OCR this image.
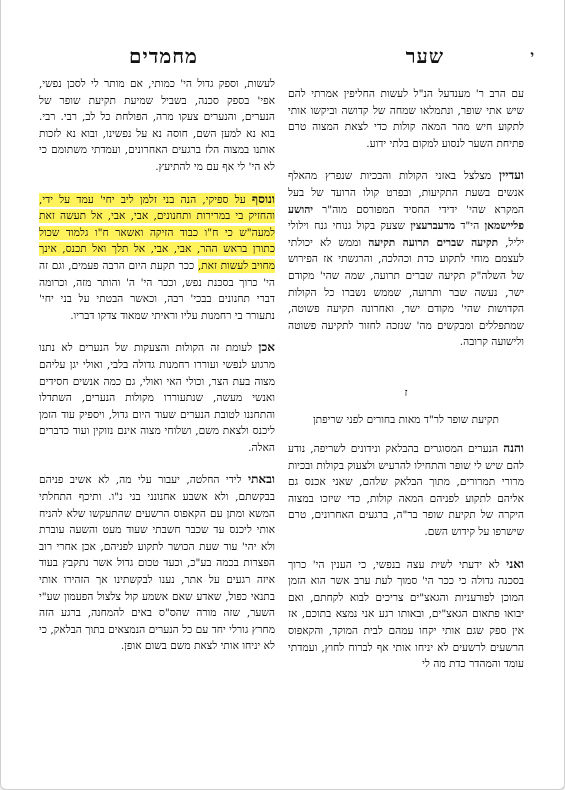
שער
מחמדים	י

עם הרב ר' מענדעל הנ"ל לעשות החליפין אמרתי להם שיש אתי שופר, ונתמלאו שמחה של קדושה וביקשו אותי לתקוע חיש מהר המאה קולות כדי לצאת המצוה טרם פתיחת השער לנסוע למקום בלתי ידוע.

ועדיין מצלצל באזני הקולות והבכיות שנפרץ מהאלף אנשים בשעת התקיעות, ובפרט קולו הרועד של בעל המקרא שהי' ידידי החסיד המפורסם מוה"ר יהושע פליישמאן הי"ד מדעברעצין שצעק בקול גנוחי גנח וילולי יליל, תקיעה שברים תרועה תקיעה וממש לא יכולתי לעצמם מוחי לתקוע כדת וכהלכה, והרגשתי אז הפירוש של השלה"ק תקיעה שברים תרועה, שמה שהי' מקודם ישר, נעשה שבר ותרועה, שממש נשברו כל הקולות הקדושות שהי' מקודם ישר, ואחרונה תקיעה פשוטה, שמתפללים ומבקשים מה' שנזכה לחזור לתקיעה פשוטה ולישועה קרובה.

ז
תקיעת שופר לר"ד מאות בחורים לפני שריפתן

והנה הנערים המסוגרים בהבלאק ונידונים לשריפה, נודע להם שיש לי שופר והתחילו להרעיש ולצעוק בקולות ובכיות מרורי תמרורים, מתוך הבלאק שלהם, שאני אכנס גם אליהם לתקוע לפניהם המאה קולות, כדי שיזכו במצוה היקרה של תקיעת שופר בר"ה, ברגעים האחרונים, טרם שישרפו על קידוש השם.

ואני לא ידעתי לשית עצה בנפשי, כי הענין הי' כרוך בסכנה גדולה כי ככר הי' סמוך לעת ערב אשר הוא הזמן המוכן לפורעניות והגאצ"ים צריכים לבוא לקחתם, ואם יבואו פתאום הגאצ"ים, ובאותו רגע אני נמצא בתוכם, אז אין ספק שגם אותי יקחו עמהם לבית המוקד, והקאפוס הרשעים לרשעים לא יניחו אותי אף לברוח לחוץ, ועמדתי עומד והמהדר כדת מה לי

לעשות, וספק גדול הי' כמותי, אם מותר לי לסכן נפשי, אפי' בספק סכנה, בשביל שמיעת תקיעת שופר של הנערים, והנערים צעקו מרה, הפולחת כל לב, רבי. רבי. בוא נא למען השם, חוסה נא על נפשינו, ובוא נא לזכות אותנו במצוה הלז ברגעים האחרונים, ועמדתי משתומם כי לא הי' לי אף עם מי להתיעץ.

ונוסף על ספיקי, הנה בני זלמן ליב יחי' עמד על ידי, והחזיק בי במרירות ותחנונים, אבי, אבי, אל תעשה זאת למעה"ש כי ח"ו כבוד הזיקה ואשאר ח"ו גלמוד שכול כתורן בראש ההר, אבי, אבי, אל תלך ואל תכנס, אינך מחויב לעשות זאת, ככר תקעת היום הרבה פעמים, וגם זה הי' כרוך בסכנת נפש, וככר הי' ה' והותר מזה, וכרומה דברי תחנונים בבכי' רבה, וכאשר הבטתי על בני יחי' נתעורר בי רחמנות עליו וראיתי שמאוד צדקו דבריו.

אכן לעומת זה הקולות והצעקות של הנערים לא נתנו מרגוע לנפשי ועוררו רחמנות גדולה בלבי, ואולי יגן עליהם מצוה בעת הצר, וכולי האי ואולי, גם כמה אנשים חסידים ואנשי מעשה, שנתעוררו מקולות הנערים, השתדלו והתחננו לטובת הנערים שעוד היום גדול, ויספיק עוד הזמן ליכנס ולצאת משם, ושלוחי מצוה אינם נזוקין ועוד כדברים האלה.

ובאתי לידי החלטה, יעבור עלי מה, לא אשיב פניהם בבקשתם, ולא אשבע אחנונני בני נ"ו. ותיכף התחלתי המשא ומתן עם הקאפוס הרשעים שהתעקשו שלא להניח אותי ליכנס עד שכבר חשבתי שעוד מעט והשעה עוברת ולא יהי' עוד שעת הכושר לתקוע לפניהם, אכן אחרי רוב הפצרות בכמה בע"כ, וכעד טכום גדול אשר נתקבץ בעוד איזה רגעים על אתר, נענו לבקשתינו אך הזהירו אותי בתנאי כפול, שאדע שאם אשמע קול צלצול הפעמון שע"י השער, שזה מורה שהס"ס באים להמחנה, ברגע הזה מחרץ גורלי יחד עם כל הנערים הנמצאים בתוך הבלאק, כי לא יניחו אותי לצאת משם בשום אופן.
